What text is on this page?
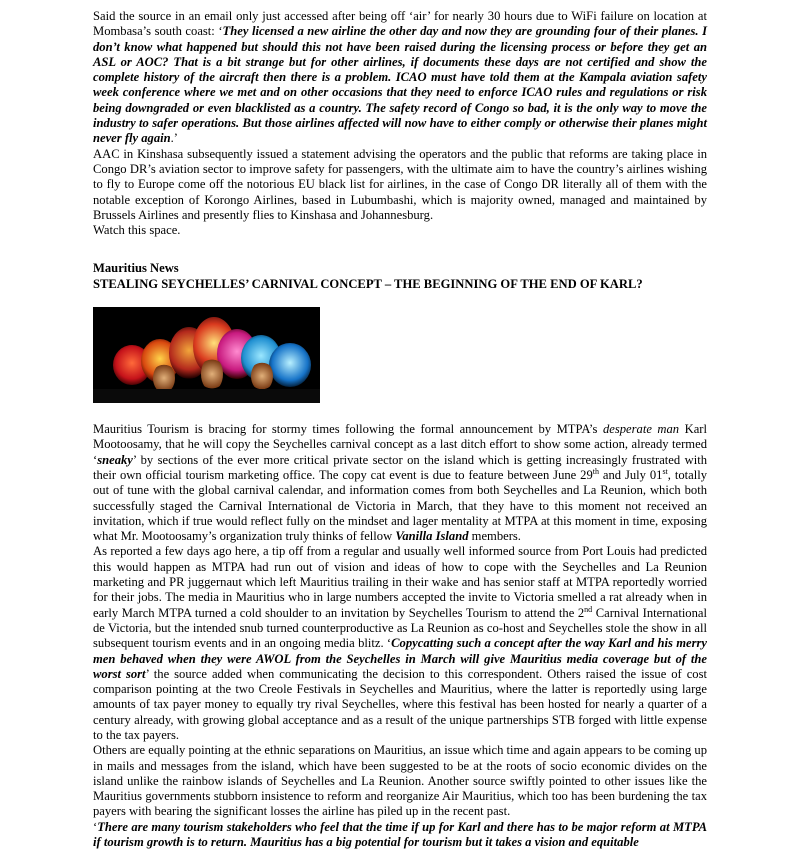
Said the source in an email only just accessed after being off ‘air’ for nearly 30 hours due to WiFi failure on location at Mombasa’s south coast: ‘They licensed a new airline the other day and now they are grounding four of their planes. I don’t know what happened but should this not have been raised during the licensing process or before they get an ASL or AOC? That is a bit strange but for other airlines, if documents these days are not certified and show the complete history of the aircraft then there is a problem. ICAO must have told them at the Kampala aviation safety week conference where we met and on other occasions that they need to enforce ICAO rules and regulations or risk being downgraded or even blacklisted as a country. The safety record of Congo so bad, it is the only way to move the industry to safer operations. But those airlines affected will now have to either comply or otherwise their planes might never fly again.’

AAC in Kinshasa subsequently issued a statement advising the operators and the public that reforms are taking place in Congo DR’s aviation sector to improve safety for passengers, with the ultimate aim to have the country’s airlines wishing to fly to Europe come off the notorious EU black list for airlines, in the case of Congo DR literally all of them with the notable exception of Korongo Airlines, based in Lubumbashi, which is majority owned, managed and maintained by Brussels Airlines and presently flies to Kinshasa and Johannesburg.

Watch this space.

Mauritius News

STEALING SEYCHELLES’ CARNIVAL CONCEPT – THE BEGINNING OF THE END OF KARL?

Mauritius Tourism is bracing for stormy times following the formal announcement by MTPA’s desperate man Karl Mootoosamy, that he will copy the Seychelles carnival concept as a last ditch effort to show some action, already termed ‘sneaky’ by sections of the ever more critical private sector on the island which is getting increasingly frustrated with their own official tourism marketing office. The copy cat event is due to feature between June 29th and July 01st, totally out of tune with the global carnival calendar, and information comes from both Seychelles and La Reunion, which both successfully staged the Carnival International de Victoria in March, that they have to this moment not received an invitation, which if true would reflect fully on the mindset and lager mentality at MTPA at this moment in time, exposing what Mr. Mootoosamy’s organization truly thinks of fellow Vanilla Island members.

As reported a few days ago here, a tip off from a regular and usually well informed source from Port Louis had predicted this would happen as MTPA had run out of vision and ideas of how to cope with the Seychelles and La Reunion marketing and PR juggernaut which left Mauritius trailing in their wake and has senior staff at MTPA reportedly worried for their jobs. The media in Mauritius who in large numbers accepted the invite to Victoria smelled a rat already when in early March MTPA turned a cold shoulder to an invitation by Seychelles Tourism to attend the 2nd Carnival International de Victoria, but the intended snub turned counterproductive as La Reunion as co-host and Seychelles stole the show in all subsequent tourism events and in an ongoing media blitz. ‘Copycatting such a concept after the way Karl and his merry men behaved when they were AWOL from the Seychelles in March will give Mauritius media coverage but of the worst sort’ the source added when communicating the decision to this correspondent. Others raised the issue of cost comparison pointing at the two Creole Festivals in Seychelles and Mauritius, where the latter is reportedly using large amounts of tax payer money to equally try rival Seychelles, where this festival has been hosted for nearly a quarter of a century already, with growing global acceptance and as a result of the unique partnerships STB forged with little expense to the tax payers.

Others are equally pointing at the ethnic separations on Mauritius, an issue which time and again appears to be coming up in mails and messages from the island, which have been suggested to be at the roots of socio economic divides on the island unlike the rainbow islands of Seychelles and La Reunion. Another source swiftly pointed to other issues like the Mauritius governments stubborn insistence to reform and reorganize Air Mauritius, which too has been burdening the tax payers with bearing the significant losses the airline has piled up in the recent past.

‘There are many tourism stakeholders who feel that the time if up for Karl and there has to be major reform at MTPA if tourism growth is to return. Mauritius has a big potential for tourism but it takes a vision and equitable
